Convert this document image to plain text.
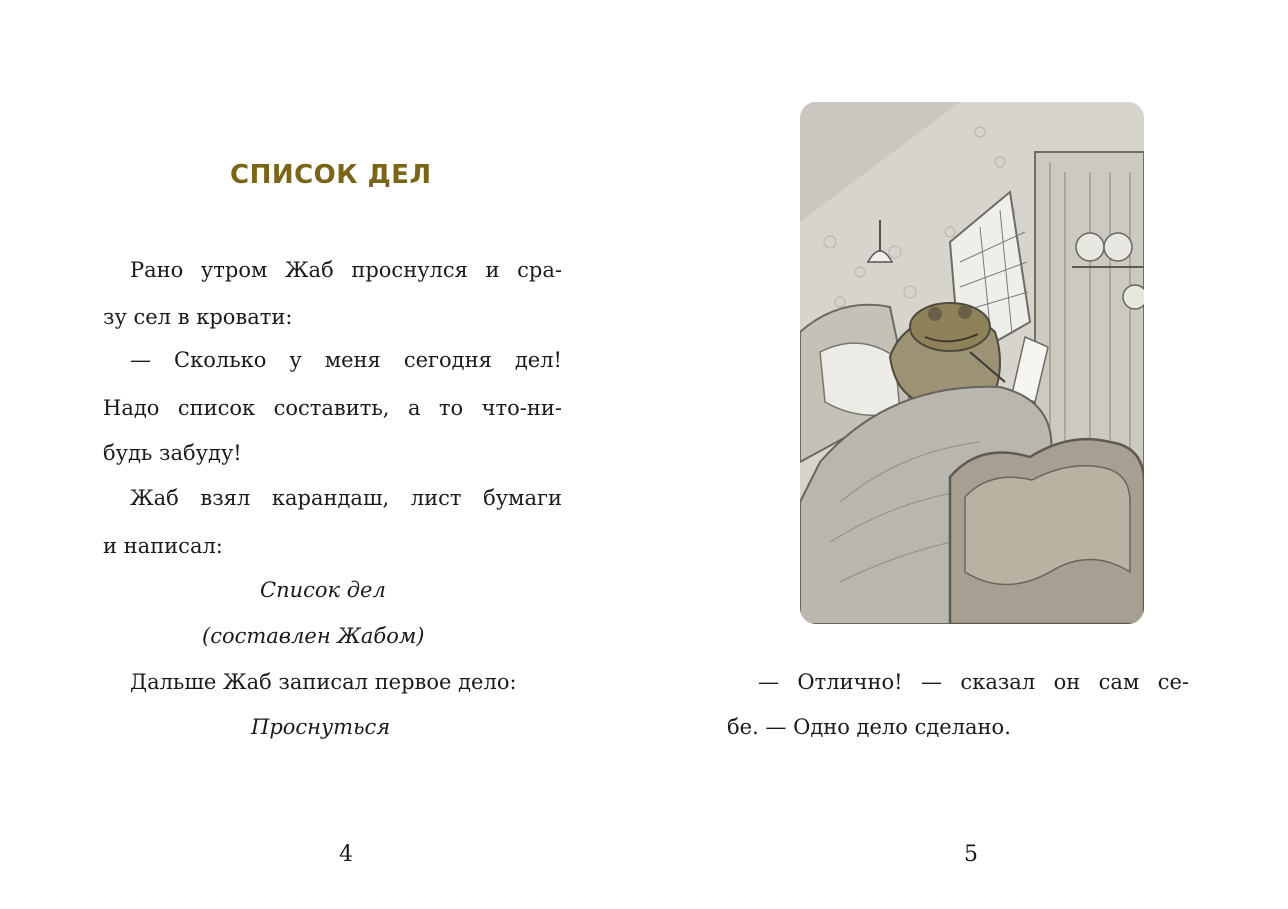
СПИСОК ДЕЛ
Рано утром Жаб проснулся и сра-
зу сел в кровати:
— Сколько у меня сегодня дел!
Надо список составить, а то что-ни-
будь забуду!
Жаб взял карандаш, лист бумаги
и написал:
Список дел
(составлен Жабом)
Дальше Жаб записал первое дело:
Проснуться
4
— Отлично! — сказал он сам се-
бе. — Одно дело сделано.
5
